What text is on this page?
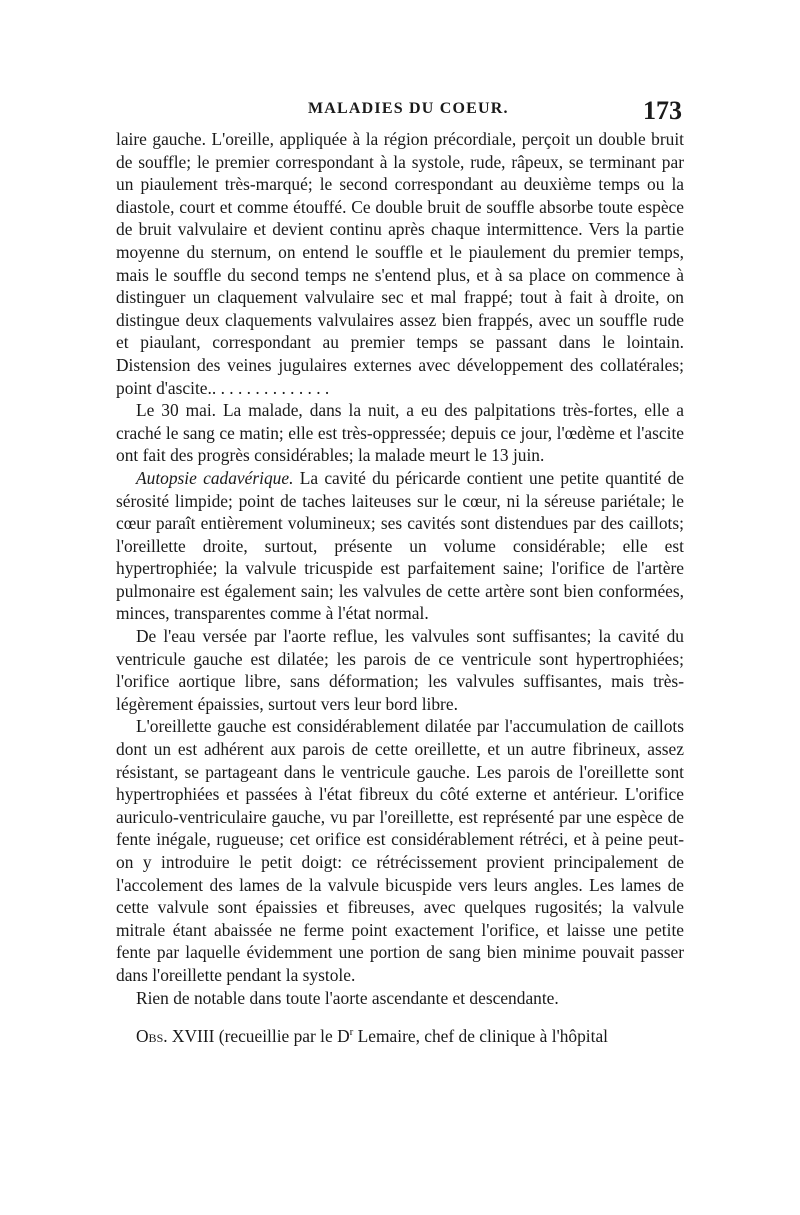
MALADIES DU COEUR.	173

laire gauche. L'oreille, appliquée à la région précordiale, perçoit un double bruit de souffle; le premier correspondant à la systole, rude, râpeux, se terminant par un piaulement très-marqué; le second correspondant au deuxième temps ou la diastole, court et comme étouffé. Ce double bruit de souffle absorbe toute espèce de bruit valvulaire et devient continu après chaque intermittence. Vers la partie moyenne du sternum, on entend le souffle et le piaulement du premier temps, mais le souffle du second temps ne s'entend plus, et à sa place on commence à distinguer un claquement valvulaire sec et mal frappé; tout à fait à droite, on distingue deux claquements valvulaires assez bien frappés, avec un souffle rude et piaulant, correspondant au premier temps se passant dans le lointain. Distension des veines jugulaires externes avec développement des collatérales; point d'ascite.. . . . . . . . . . . . . .

Le 30 mai. La malade, dans la nuit, a eu des palpitations très-fortes, elle a craché le sang ce matin; elle est très-oppressée; depuis ce jour, l'œdème et l'ascite ont fait des progrès considérables; la malade meurt le 13 juin.

Autopsie cadavérique. La cavité du péricarde contient une petite quantité de sérosité limpide; point de taches laiteuses sur le cœur, ni la séreuse pariétale; le cœur paraît entièrement volumineux; ses cavités sont distendues par des caillots; l'oreillette droite, surtout, présente un volume considérable; elle est hypertrophiée; la valvule tricuspide est parfaitement saine; l'orifice de l'artère pulmonaire est également sain; les valvules de cette artère sont bien conformées, minces, transparentes comme à l'état normal.

De l'eau versée par l'aorte reflue, les valvules sont suffisantes; la cavité du ventricule gauche est dilatée; les parois de ce ventricule sont hypertrophiées; l'orifice aortique libre, sans déformation; les valvules suffisantes, mais très-légèrement épaissies, surtout vers leur bord libre.

L'oreillette gauche est considérablement dilatée par l'accumulation de caillots dont un est adhérent aux parois de cette oreillette, et un autre fibrineux, assez résistant, se partageant dans le ventricule gauche. Les parois de l'oreillette sont hypertrophiées et passées à l'état fibreux du côté externe et antérieur. L'orifice auriculo-ventriculaire gauche, vu par l'oreillette, est représenté par une espèce de fente inégale, rugueuse; cet orifice est considérablement rétréci, et à peine peut-on y introduire le petit doigt: ce rétrécissement provient principalement de l'accolement des lames de la valvule bicuspide vers leurs angles. Les lames de cette valvule sont épaissies et fibreuses, avec quelques rugosités; la valvule mitrale étant abaissée ne ferme point exactement l'orifice, et laisse une petite fente par laquelle évidemment une portion de sang bien minime pouvait passer dans l'oreillette pendant la systole.

Rien de notable dans toute l'aorte ascendante et descendante.

Obs. XVIII (recueillie par le $D^r$ Lemaire, chef de clinique à l'hôpital
